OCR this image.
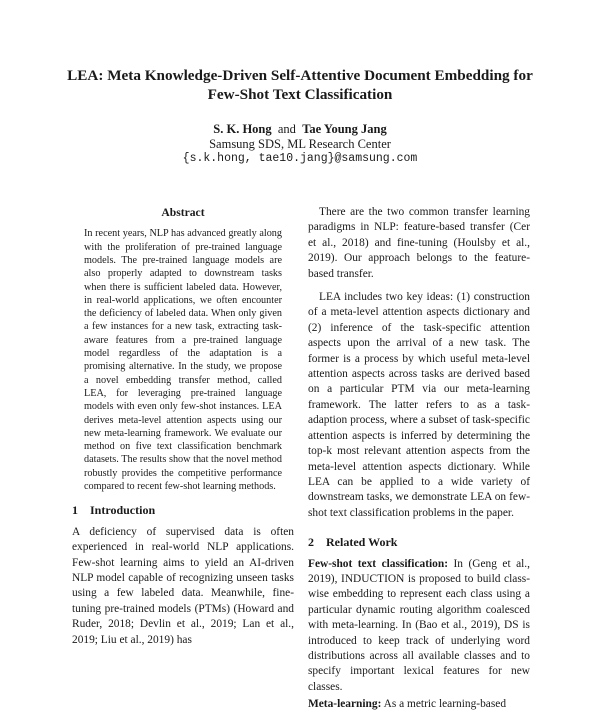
LEA: Meta Knowledge-Driven Self-Attentive Document Embedding for
Few-Shot Text Classification
S. K. Hong and Tae Young Jang
Samsung SDS, ML Research Center
{s.k.hong, tae10.jang}@samsung.com
Abstract

In recent years, NLP has advanced greatly along with the proliferation of pre-trained language models. The pre-trained language models are also properly adapted to downstream tasks when there is sufficient labeled data. However, in real-world applications, we often encounter the deficiency of labeled data. When only given a few instances for a new task, extracting task-aware features from a pre-trained language model regardless of the adaptation is a promising alternative. In the study, we propose a novel embedding transfer method, called LEA, for leveraging pre-trained language models with even only few-shot instances. LEA derives meta-level attention aspects using our new meta-learning framework. We evaluate our method on five text classification benchmark datasets. The results show that the novel method robustly provides the competitive performance compared to recent few-shot learning methods.

1 Introduction

A deficiency of supervised data is often experienced in real-world NLP applications. Few-shot learning aims to yield an AI-driven NLP model capable of recognizing unseen tasks using a few labeled data. Meanwhile, fine-tuning pre-trained models (PTMs) (Howard and Ruder, 2018; Devlin et al., 2019; Lan et al., 2019; Liu et al., 2019) has

There are the two common transfer learning paradigms in NLP: feature-based transfer (Cer et al., 2018) and fine-tuning (Houlsby et al., 2019). Our approach belongs to the feature-based transfer.

LEA includes two key ideas: (1) construction of a meta-level attention aspects dictionary and (2) inference of the task-specific attention aspects upon the arrival of a new task. The former is a process by which useful meta-level attention aspects across tasks are derived based on a particular PTM via our meta-learning framework. The latter refers to as a task-adaption process, where a subset of task-specific attention aspects is inferred by determining the top-k most relevant attention aspects from the meta-level attention aspects dictionary. While LEA can be applied to a wide variety of downstream tasks, we demonstrate LEA on few-shot text classification problems in the paper.

2 Related Work

Few-shot text classification: In (Geng et al., 2019), INDUCTION is proposed to build class-wise embedding to represent each class using a particular dynamic routing algorithm coalesced with meta-learning. In (Bao et al., 2019), DS is introduced to keep track of underlying word distributions across all available classes and to specify important lexical features for new classes.

Meta-learning: As a metric learning-based
